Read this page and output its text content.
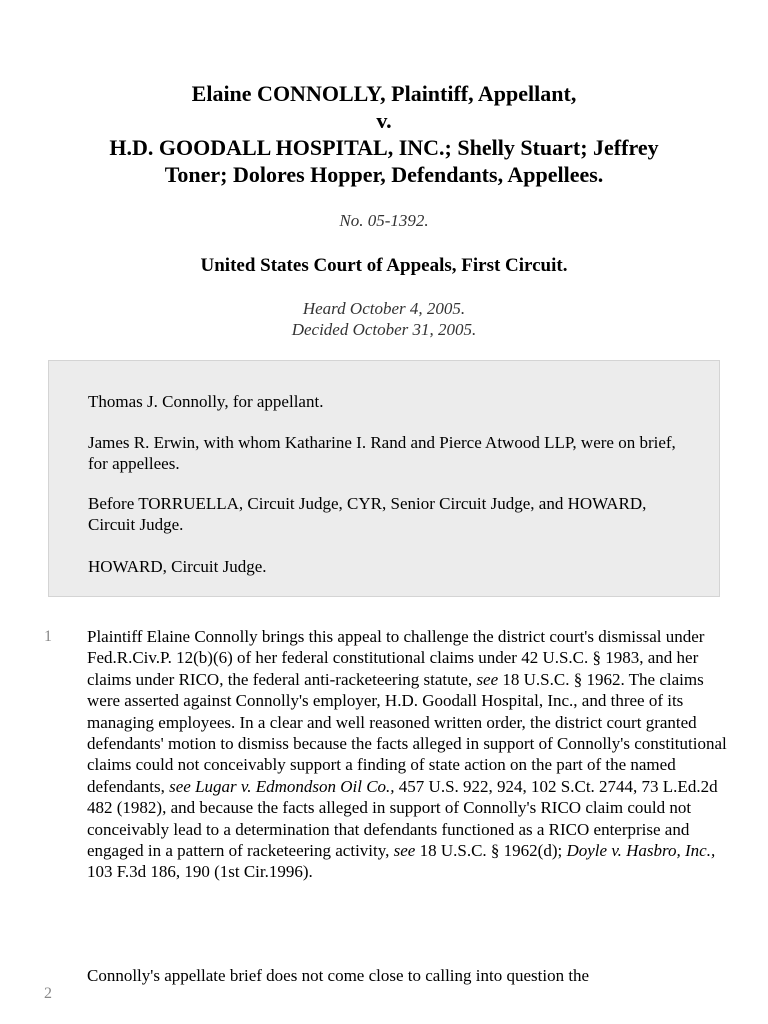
Elaine CONNOLLY, Plaintiff, Appellant,
v.
H.D. GOODALL HOSPITAL, INC.; Shelly Stuart; Jeffrey
Toner; Dolores Hopper, Defendants, Appellees.
No. 05-1392.
United States Court of Appeals, First Circuit.
Heard October 4, 2005.
Decided October 31, 2005.

Thomas J. Connolly, for appellant.

James R. Erwin, with whom Katharine I. Rand and Pierce Atwood LLP, were on brief, for appellees.

Before TORRUELLA, Circuit Judge, CYR, Senior Circuit Judge, and HOWARD, Circuit Judge.

HOWARD, Circuit Judge.

1 Plaintiff Elaine Connolly brings this appeal to challenge the district court's dismissal under Fed.R.Civ.P. 12(b)(6) of her federal constitutional claims under 42 U.S.C. § 1983, and her claims under RICO, the federal anti-racketeering statute, see 18 U.S.C. § 1962. The claims were asserted against Connolly's employer, H.D. Goodall Hospital, Inc., and three of its managing employees. In a clear and well reasoned written order, the district court granted defendants' motion to dismiss because the facts alleged in support of Connolly's constitutional claims could not conceivably support a finding of state action on the part of the named defendants, see Lugar v. Edmondson Oil Co., 457 U.S. 922, 924, 102 S.Ct. 2744, 73 L.Ed.2d 482 (1982), and because the facts alleged in support of Connolly's RICO claim could not conceivably lead to a determination that defendants functioned as a RICO enterprise and engaged in a pattern of racketeering activity, see 18 U.S.C. § 1962(d); Doyle v. Hasbro, Inc., 103 F.3d 186, 190 (1st Cir.1996).

2

Connolly's appellate brief does not come close to calling into question the
